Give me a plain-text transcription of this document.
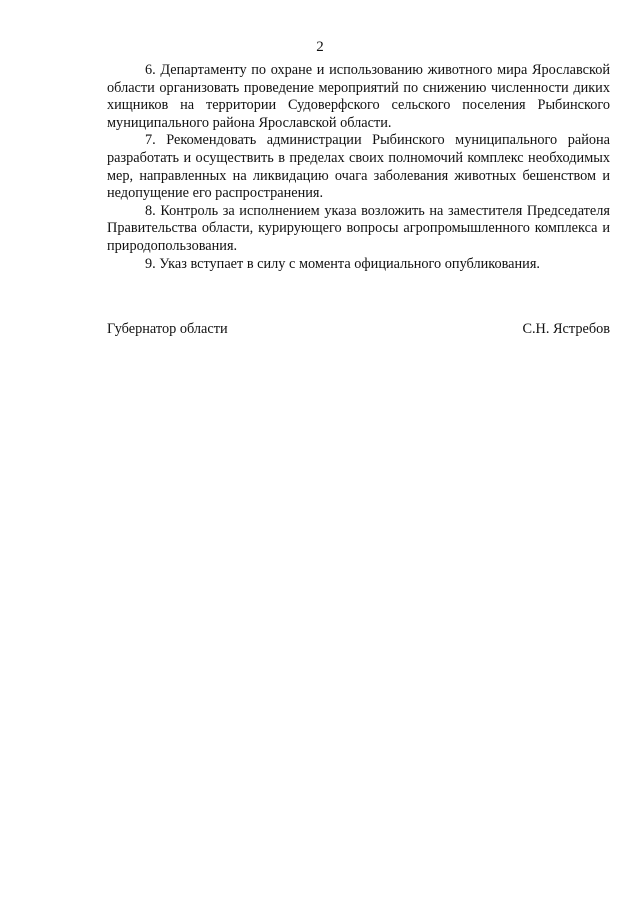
2

6. Департаменту по охране и использованию животного мира Ярославской области организовать проведение мероприятий по снижению численности диких хищников на территории Судоверфского сельского поселения Рыбинского муниципального района Ярославской области.

7. Рекомендовать администрации Рыбинского муниципального района разработать и осуществить в пределах своих полномочий комплекс необходимых мер, направленных на ликвидацию очага заболевания животных бешенством и недопущение его распространения.

8. Контроль за исполнением указа возложить на заместителя Председателя Правительства области, курирующего вопросы агропромышленного комплекса и природопользования.

9. Указ вступает в силу с момента официального опубликования.

Губернатор области	С.Н. Ястребов
